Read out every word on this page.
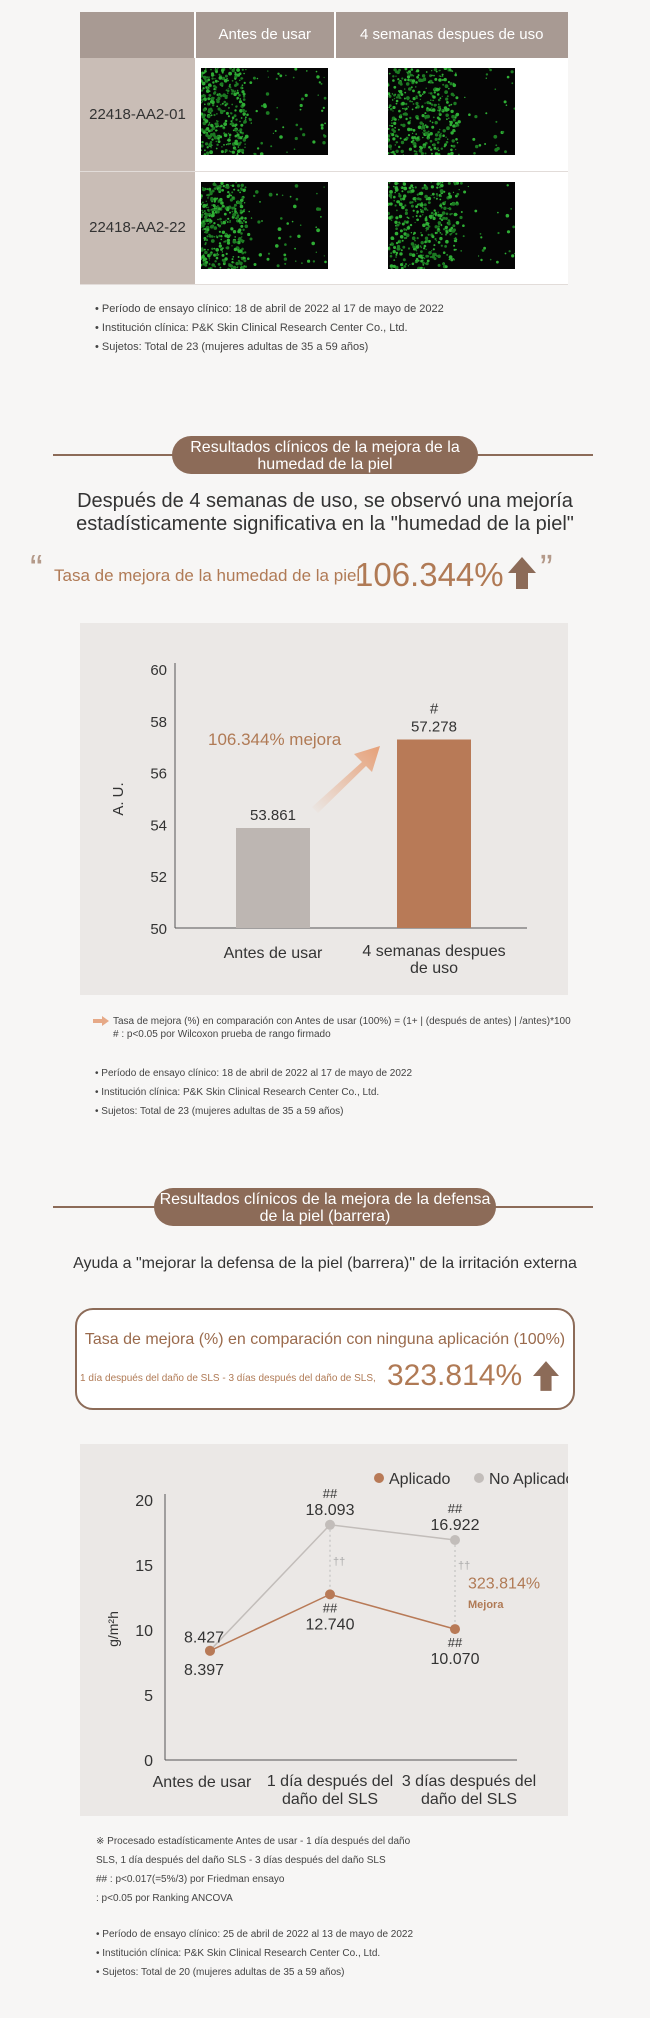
	Antes de usar	4 semanas despues de uso
22418-AA2-01	

22418-AA2-22	

• Período de ensayo clínico: 18 de abril de 2022 al 17 de mayo de 2022
• Institución clínica: P&K Skin Clinical Research Center Co., Ltd.
• Sujetos: Total de 23 (mujeres adultas de 35 a 59 años)
Resultados clínicos de la mejora de la humedad de la piel
Después de 4 semanas de uso, se observó una mejoría
estadísticamente significativa en la "humedad de la piel"
“ Tasa de mejora de la humedad de la piel
106.344% ”
50
52
54
56
58
60
A. U.	53.861
57.278
#
Antes de usar	4 semanas despues
de uso
106.344% mejora
Tasa de mejora (%) en comparación con Antes de usar (100%) = (1+ | (después de antes) | /antes)*100
# : p<0.05 por Wilcoxon prueba de rango firmado
• Período de ensayo clínico: 18 de abril de 2022 al 17 de mayo de 2022
• Institución clínica: P&K Skin Clinical Research Center Co., Ltd.
• Sujetos: Total de 23 (mujeres adultas de 35 a 59 años)
Resultados clínicos de la mejora de la defensa de la piel (barrera)
Ayuda a "mejorar la defensa de la piel (barrera)" de la irritación externa
Tasa de mejora (%) en comparación con ninguna aplicación (100%)
1 día después del daño de SLS - 3 días después del daño de SLS, 323.814%
0
5
10
15
20
g/m²h
††	††
8.427
18.093
##
16.922
##
8.397
##
12.740
##
10.070
323.814%
Mejora
Aplicado No Aplicado
Antes de usar 1 día después del
daño del SLS
3 días después del
daño del SLS
※ Procesado estadísticamente Antes de usar - 1 día después del daño
SLS, 1 día después del daño SLS - 3 días después del daño SLS
## : p<0.017(=5%/3) por Friedman ensayo
: p<0.05 por Ranking ANCOVA
• Período de ensayo clínico: 25 de abril de 2022 al 13 de mayo de 2022
• Institución clínica: P&K Skin Clinical Research Center Co., Ltd.
• Sujetos: Total de 20 (mujeres adultas de 35 a 59 años)
